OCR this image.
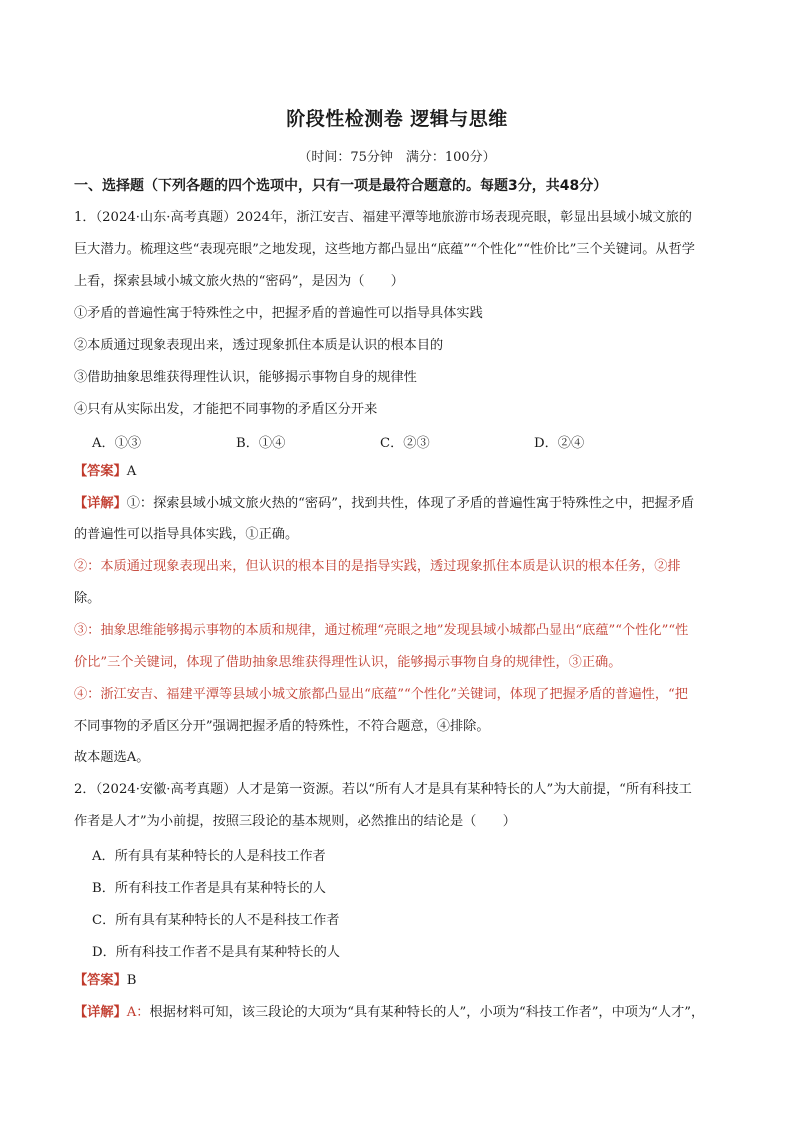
阶段性检测卷 逻辑与思维
（时间：75分钟　满分：100分）
一、选择题（下列各题的四个选项中，只有一项是最符合题意的。每题3分，共48分）
1．（2024·山东·高考真题）2024年，浙江安吉、福建平潭等地旅游市场表现亮眼，彰显出县域小城文旅的
巨大潜力。梳理这些“表现亮眼”之地发现，这些地方都凸显出“底蕴”“个性化”“性价比”三个关键词。从哲学
上看，探索县域小城文旅火热的“密码”，是因为（　　）
①矛盾的普遍性寓于特殊性之中，把握矛盾的普遍性可以指导具体实践
②本质通过现象表现出来，透过现象抓住本质是认识的根本目的
③借助抽象思维获得理性认识，能够揭示事物自身的规律性
④只有从实际出发，才能把不同事物的矛盾区分开来
A．①③	B．①④	C．②③	D．②④
【答案】A
【详解】①：探索县域小城文旅火热的“密码”，找到共性，体现了矛盾的普遍性寓于特殊性之中，把握矛盾
的普遍性可以指导具体实践，①正确。
②：本质通过现象表现出来，但认识的根本目的是指导实践，透过现象抓住本质是认识的根本任务，②排
除。
③：抽象思维能够揭示事物的本质和规律，通过梳理“亮眼之地”发现县域小城都凸显出“底蕴”“个性化”“性
价比”三个关键词，体现了借助抽象思维获得理性认识，能够揭示事物自身的规律性，③正确。
④：浙江安吉、福建平潭等县域小城文旅都凸显出“底蕴”“个性化”关键词，体现了把握矛盾的普遍性，“把
不同事物的矛盾区分开”强调把握矛盾的特殊性，不符合题意，④排除。
故本题选A。
2．（2024·安徽·高考真题）人才是第一资源。若以“所有人才是具有某种特长的人”为大前提，“所有科技工
作者是人才”为小前提，按照三段论的基本规则，必然推出的结论是（　　）
A．所有具有某种特长的人是科技工作者
B．所有科技工作者是具有某种特长的人
C．所有具有某种特长的人不是科技工作者
D．所有科技工作者不是具有某种特长的人
【答案】B
【详解】A：根据材料可知，该三段论的大项为“具有某种特长的人”，小项为“科技工作者”，中项为“人才”，
